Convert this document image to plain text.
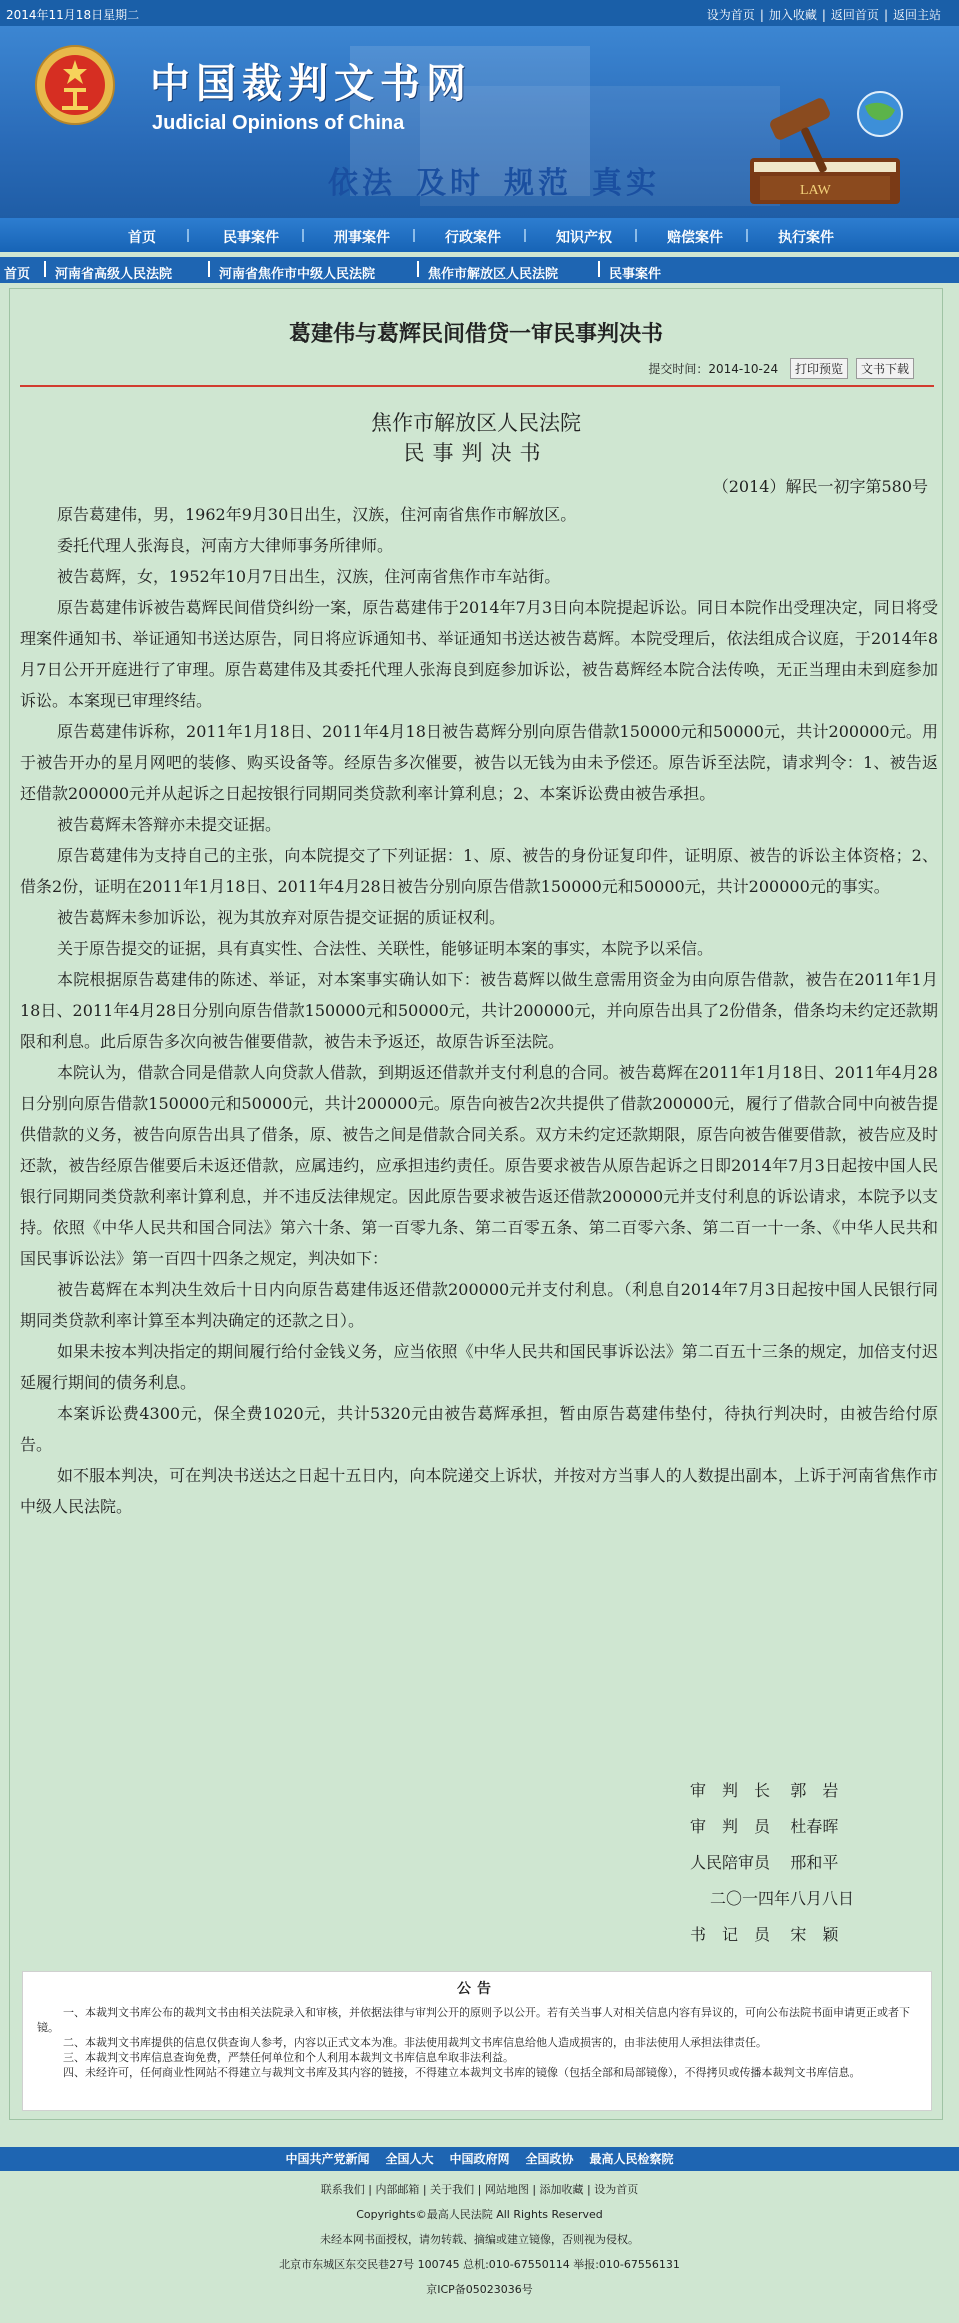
2014年11月18日星期二	设为首页 | 加入收藏 | 返回首页 | 返回主站
中国裁判文书网
Judicial Opinions of China
依法 及时 规范 真实	LAW
首页	民事案件	刑事案件	行政案件	知识产权	赔偿案件	执行案件
首页 河南省高级人民法院	河南省焦作市中级人民法院	焦作市解放区人民法院	民事案件
葛建伟与葛辉民间借贷一审民事判决书
提交时间：2014-10-24 打印预览 文书下载
焦作市解放区人民法院
民事判决书
（2014）解民一初字第580号

原告葛建伟，男，1962年9月30日出生，汉族，住河南省焦作市解放区。

委托代理人张海良，河南方大律师事务所律师。

被告葛辉，女，1952年10月7日出生，汉族，住河南省焦作市车站街。

原告葛建伟诉被告葛辉民间借贷纠纷一案，原告葛建伟于2014年7月3日向本院提起诉讼。同日本院作出受理决定，同日将受理案件通知书、举证通知书送达原告，同日将应诉通知书、举证通知书送达被告葛辉。本院受理后，依法组成合议庭，于2014年8月7日公开开庭进行了审理。原告葛建伟及其委托代理人张海良到庭参加诉讼，被告葛辉经本院合法传唤，无正当理由未到庭参加诉讼。本案现已审理终结。

原告葛建伟诉称，2011年1月18日、2011年4月18日被告葛辉分别向原告借款150000元和50000元，共计200000元。用于被告开办的星月网吧的装修、购买设备等。经原告多次催要，被告以无钱为由未予偿还。原告诉至法院，请求判令：1、被告返还借款200000元并从起诉之日起按银行同期同类贷款利率计算利息；2、本案诉讼费由被告承担。

被告葛辉未答辩亦未提交证据。

原告葛建伟为支持自己的主张，向本院提交了下列证据：1、原、被告的身份证复印件，证明原、被告的诉讼主体资格；2、借条2份，证明在2011年1月18日、2011年4月28日被告分别向原告借款150000元和50000元，共计200000元的事实。

被告葛辉未参加诉讼，视为其放弃对原告提交证据的质证权利。

关于原告提交的证据，具有真实性、合法性、关联性，能够证明本案的事实，本院予以采信。

本院根据原告葛建伟的陈述、举证，对本案事实确认如下：被告葛辉以做生意需用资金为由向原告借款，被告在2011年1月18日、2011年4月28日分别向原告借款150000元和50000元，共计200000元，并向原告出具了2份借条，借条均未约定还款期限和利息。此后原告多次向被告催要借款，被告未予返还，故原告诉至法院。

本院认为，借款合同是借款人向贷款人借款，到期返还借款并支付利息的合同。被告葛辉在2011年1月18日、2011年4月28日分别向原告借款150000元和50000元，共计200000元。原告向被告2次共提供了借款200000元，履行了借款合同中向被告提供借款的义务，被告向原告出具了借条，原、被告之间是借款合同关系。双方未约定还款期限，原告向被告催要借款，被告应及时还款，被告经原告催要后未返还借款，应属违约，应承担违约责任。原告要求被告从原告起诉之日即2014年7月3日起按中国人民银行同期同类贷款利率计算利息，并不违反法律规定。因此原告要求被告返还借款200000元并支付利息的诉讼请求，本院予以支持。依照《中华人民共和国合同法》第六十条、第一百零九条、第二百零五条、第二百零六条、第二百一十一条、《中华人民共和国民事诉讼法》第一百四十四条之规定，判决如下：

被告葛辉在本判决生效后十日内向原告葛建伟返还借款200000元并支付利息。（利息自2014年7月3日起按中国人民银行同期同类贷款利率计算至本判决确定的还款之日）。

如果未按本判决指定的期间履行给付金钱义务，应当依照《中华人民共和国民事诉讼法》第二百五十三条的规定，加倍支付迟延履行期间的债务利息。

本案诉讼费4300元，保全费1020元，共计5320元由被告葛辉承担，暂由原告葛建伟垫付，待执行判决时，由被告给付原告。

如不服本判决，可在判决书送达之日起十五日内，向本院递交上诉状，并按对方当事人的人数提出副本，上诉于河南省焦作市中级人民法院。

审　判　长 郭　岩
审　判　员 杜春晖
人民陪审员 邢和平
二〇一四年八月八日
书　记　员 宋　颖
公告

一、本裁判文书库公布的裁判文书由相关法院录入和审核，并依据法律与审判公开的原则予以公开。若有关当事人对相关信息内容有异议的，可向公布法院书面申请更正或者下镜。

二、本裁判文书库提供的信息仅供查询人参考，内容以正式文本为准。非法使用裁判文书库信息给他人造成损害的，由非法使用人承担法律责任。

三、本裁判文书库信息查询免费，严禁任何单位和个人利用本裁判文书库信息牟取非法利益。

四、未经许可，任何商业性网站不得建立与裁判文书库及其内容的链接，不得建立本裁判文书库的镜像（包括全部和局部镜像），不得拷贝或传播本裁判文书库信息。

中国共产党新闻 全国人大 中国政府网 全国政协 最高人民检察院
联系我们 | 内部邮箱 | 关于我们 | 网站地图 | 添加收藏 | 设为首页
Copyrights©最高人民法院 All Rights Reserved
未经本网书面授权，请勿转载、摘编或建立镜像，否则视为侵权。
北京市东城区东交民巷27号 100745 总机:010-67550114 举报:010-67556131
京ICP备05023036号
